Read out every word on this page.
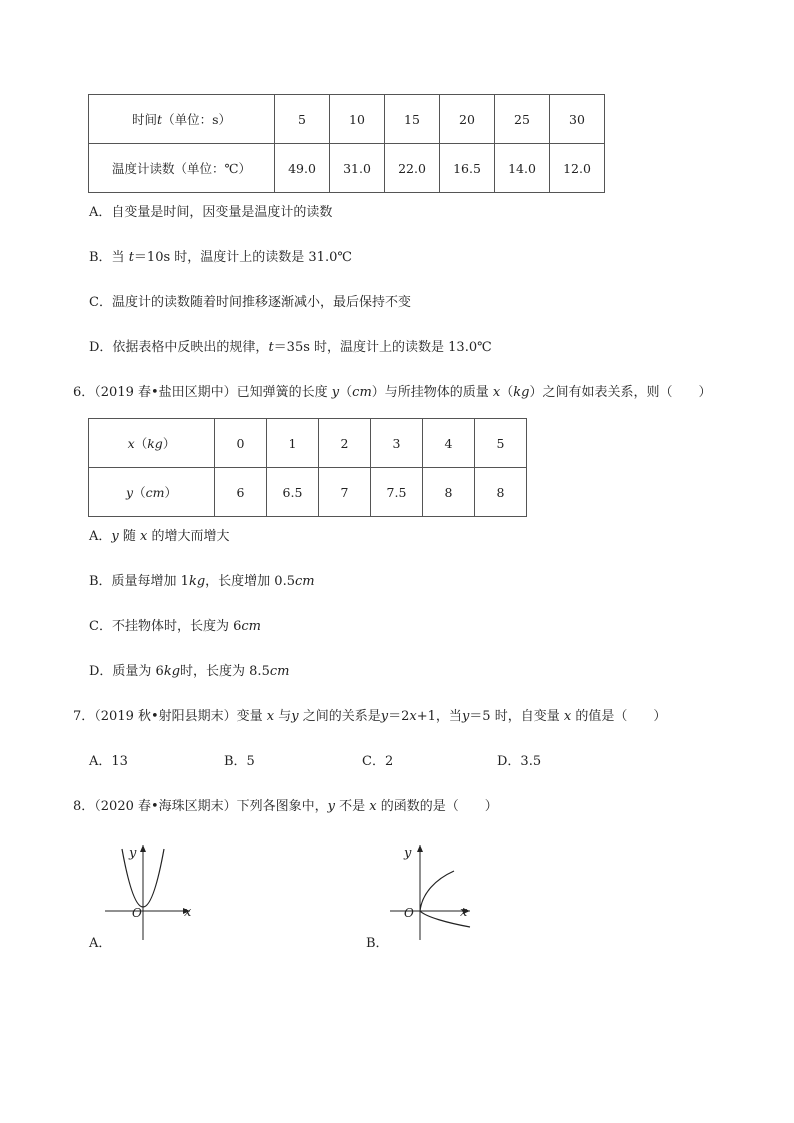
时间t（单位：s）	5	10	15	20	25	30
温度计读数（单位：℃）	49.0	31.0	22.0	16.5	14.0	12.0
A．自变量是时间，因变量是温度计的读数
B．当 t＝10s 时，温度计上的读数是 31.0℃
C．温度计的读数随着时间推移逐渐减小，最后保持不变
D．依据表格中反映出的规律，t＝35s 时，温度计上的读数是 13.0℃
6．（2019 春•盐田区期中）已知弹簧的长度 y（cm）与所挂物体的质量 x（kg）之间有如表关系，则（　　）
x（kg）	0	1	2	3	4	5
y（cm）	6	6.5	7	7.5	8	8
A．y 随 x 的增大而增大
B．质量每增加 1kg，长度增加 0.5cm
C．不挂物体时，长度为 6cm
D．质量为 6kg时，长度为 8.5cm
7．（2019 秋•射阳县期末）变量 x 与y 之间的关系是y＝2x+1，当y＝5 时，自变量 x 的值是（　　）
A．13	B．5	C．2	D．3.5
8．（2020 春•海珠区期末）下列各图象中，y 不是 x 的函数的是（　　）
y
x
O
A．
y
x
O
B．
